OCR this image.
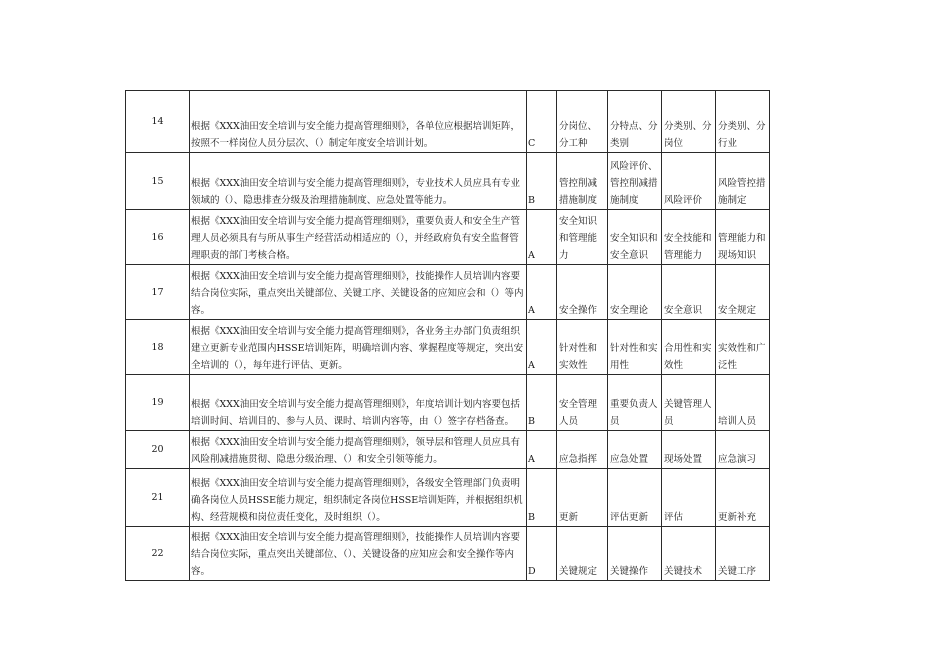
14	根据《XXX油田安全培训与安全能力提高管理细则》，各单位应根据培训矩阵，按照不一样岗位人员分层次、（）制定年度安全培训计划。	C	分岗位、分工种	分特点、分类别	分类别、分岗位	分类别、分行业
15	根据《XXX油田安全培训与安全能力提高管理细则》，专业技术人员应具有专业领域的（）、隐患排查分级及治理措施制度、应急处置等能力。	B	管控削减措施制度	风险评价、管控削减措施制度	风险评价	风险管控措施制定
16	根据《XXX油田安全培训与安全能力提高管理细则》，重要负责人和安全生产管理人员必须具有与所从事生产经营活动相适应的（），并经政府负有安全监督管理职责的部门考核合格。	A	安全知识和管理能力	安全知识和安全意识	安全技能和管理能力	管理能力和现场知识
17	根据《XXX油田安全培训与安全能力提高管理细则》，技能操作人员培训内容要结合岗位实际，重点突出关键部位、关键工序、关键设备的应知应会和（）等内容。	A	安全操作	安全理论	安全意识	安全规定
18	根据《XXX油田安全培训与安全能力提高管理细则》，各业务主办部门负责组织建立更新专业范围内HSSE培训矩阵，明确培训内容、掌握程度等规定，突出安全培训的（），每年进行评估、更新。	A	针对性和实效性	针对性和实用性	合用性和实效性	实效性和广泛性
19	根据《XXX油田安全培训与安全能力提高管理细则》，年度培训计划内容要包括培训时间、培训目的、参与人员、课时、培训内容等，由（）签字存档备查。	B	安全管理人员	重要负责人员	关键管理人员	培训人员
20	根据《XXX油田安全培训与安全能力提高管理细则》，领导层和管理人员应具有风险削减措施贯彻、隐患分级治理、（）和安全引领等能力。	A	应急指挥	应急处置	现场处置	应急演习
21	根据《XXX油田安全培训与安全能力提高管理细则》，各级安全管理部门负责明确各岗位人员HSSE能力规定，组织制定各岗位HSSE培训矩阵，并根据组织机构、经营规模和岗位责任变化，及时组织（）。	B	更新	评估更新	评估	更新补充
22	根据《XXX油田安全培训与安全能力提高管理细则》，技能操作人员培训内容要结合岗位实际，重点突出关键部位、（）、关键设备的应知应会和安全操作等内容。	D	关键规定	关键操作	关键技术	关键工序
